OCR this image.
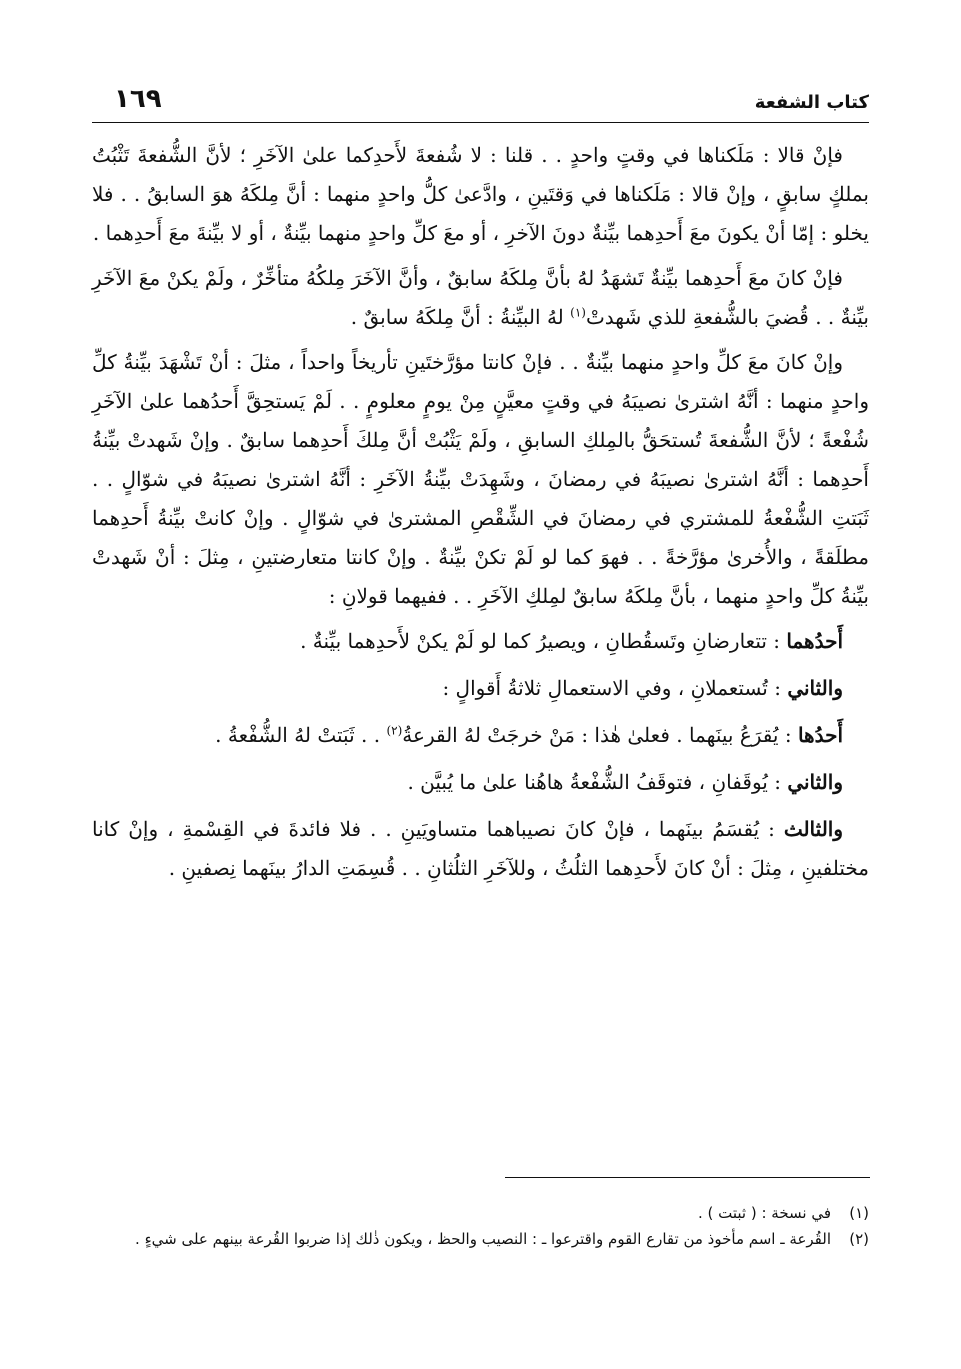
كتاب الشفعة
١٦٩

فإنْ قالا : مَلَكناها في وقتٍ واحدٍ . . قلنا : لا شُفعةَ لأَحدِكما علىٰ الآخَرِ ؛ لأنَّ الشُّفعةَ تَثْبُتُ بملكٍ سابقٍ ، وإنْ قالا : مَلَكناها في وَقتَينِ ، وادَّعىٰ كلُّ واحدٍ منهما : أنَّ مِلكَهُ هوَ السابقُ . . فلا يخلو : إمّا أنْ يكونَ معَ أَحدِهما بيِّنةٌ دونَ الآخرِ ، أو معَ كلِّ واحدٍ منهما بيِّنةٌ ، أو لا بيِّنةَ معَ أَحدِهما .

فإنْ كانَ معَ أَحدِهما بيِّنةٌ تَشهَدُ لهُ بأنَّ مِلكَهُ سابقٌ ، وأنَّ الآخَرَ مِلكُهُ متأخِّرٌ ، ولَمْ يكنْ معَ الآخَرِ بيِّنةٌ . . قُضيَ بالشُّفعةِ للذي شَهدتْ$^{(١)}$ لهُ البيِّنةُ : أنَّ مِلكَهُ سابقٌ .

وإنْ كانَ معَ كلِّ واحدٍ منهما بيِّنةٌ . . فإنْ كانتا مؤرَّختَينِ تأريخاً واحداً ، مثلَ : أنْ تَشْهَدَ بيِّنةُ كلِّ واحدٍ منهما : أنَّهُ اشترىٰ نصيبَهُ في وقتٍ معيَّنٍ مِنْ يومٍ معلومٍ . . لَمْ يَستحِقَّ أَحدُهما علىٰ الآخَرِ شُفْعةً ؛ لأنَّ الشُّفعةَ تُستحَقُّ بالمِلكِ السابقِ ، ولَمْ يَثْبُتْ أنَّ مِلكَ أَحدِهما سابقٌ . وإنْ شَهدتْ بيِّنةُ أَحدِهما : أنَّهُ اشترىٰ نصيبَهُ في رمضانَ ، وشَهِدَتْ بيِّنةُ الآخَرِ : أنَّهُ اشترىٰ نصيبَهُ في شوّالٍ . . ثَبَتتِ الشُّفْعةُ للمشتري في رمضانَ في الشِّقْصِ المشترىٰ في شوّالٍ . وإنْ كانتْ بيِّنةُ أَحدِهما مطلَقةً ، والأُخرىٰ مؤرَّخةً . . فهوَ كما لو لَمْ تكنْ بيِّنةٌ . وإنْ كانتا متعارضتينِ ، مِثلَ : أنْ شَهدتْ بيِّنةُ كلِّ واحدٍ منهما ، بأنَّ مِلكَهُ سابقٌ لمِلكِ الآخَرِ . . ففيهما قولانِ :

أَحدُهما : تتعارضانِ وتَسقُطانِ ، ويصيرُ كما لو لَمْ يكنْ لأَحدِهما بيِّنةٌ .

والثاني : تُستعملانِ ، وفي الاستعمالِ ثلاثةُ أَقوالٍ :

أَحدُها : يُقرَعُ بينَهما . فعلىٰ هٰذا : مَنْ خرجَتْ لهُ القرعةُ$^{(٢)}$ . . ثَبَتتْ لهُ الشُّفْعةُ .

والثاني : يُوقَفانِ ، فتوقَفُ الشُّفْعةُ هاهُنا علىٰ ما يُبيَّن .

والثالث : يُقسَمُ بينَهما ، فإنْ كانَ نصيباهما متساويَينِ . . فلا فائدةَ في القِسْمةِ ، وإنْ كانا مختلفينِ ، مِثلَ : أنْ كانَ لأَحدِهما الثلُثُ ، وللآخَرِ الثلُثانِ . . قُسِمَتِ الدارُ بينَهما نِصفينِ .

(١)
في نسخة : ( ثبتت ) .
(٢)
القُرعة ـ اسم مأخوذ من تقارع القوم واقترعوا ـ : النصيب والحظ ، ويكون ذٰلك إذا ضربوا القُرعة بينهم على شيءٍ .
